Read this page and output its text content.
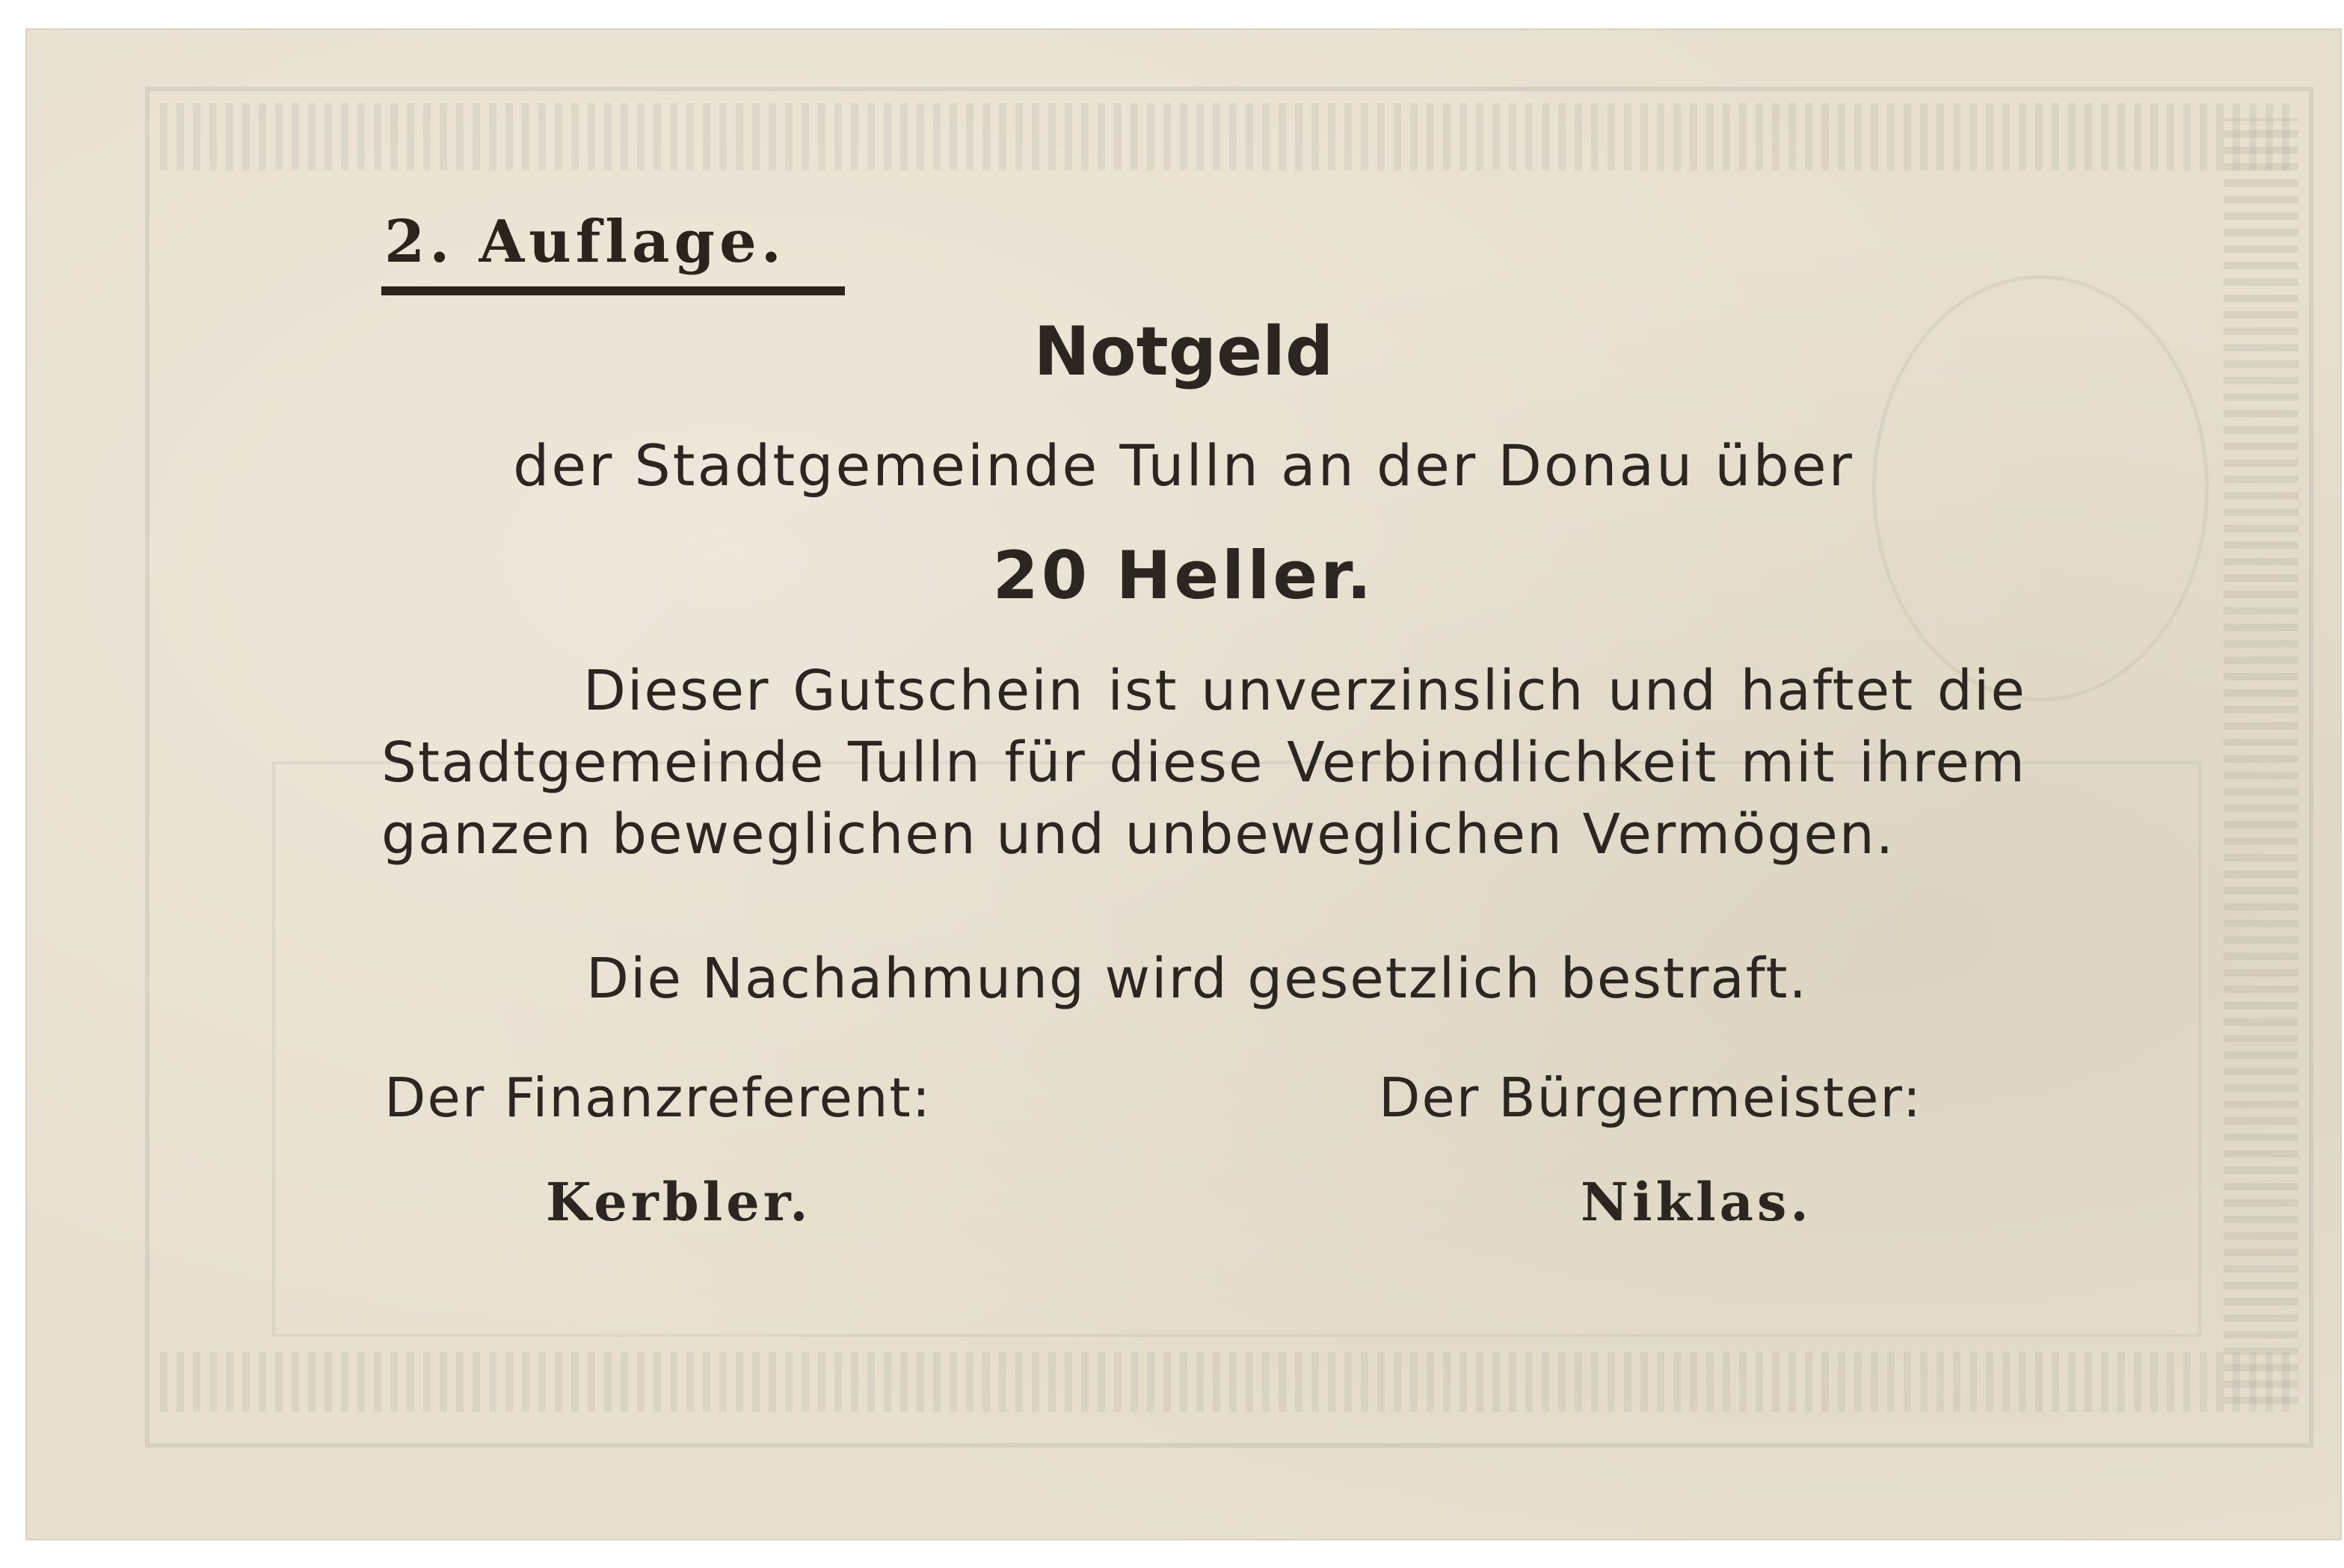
2. Auflage.
Notgeld
der Stadtgemeinde Tulln an der Donau über
20 Heller.
Dieser Gutschein ist unverzinslich und haftet die Stadtgemeinde Tulln für diese Verbindlichkeit mit ihrem ganzen beweglichen und unbeweglichen Vermögen.
Die Nachahmung wird gesetzlich bestraft.
Der Finanzreferent:	Der Bürgermeister:
Kerbler.	Niklas.
